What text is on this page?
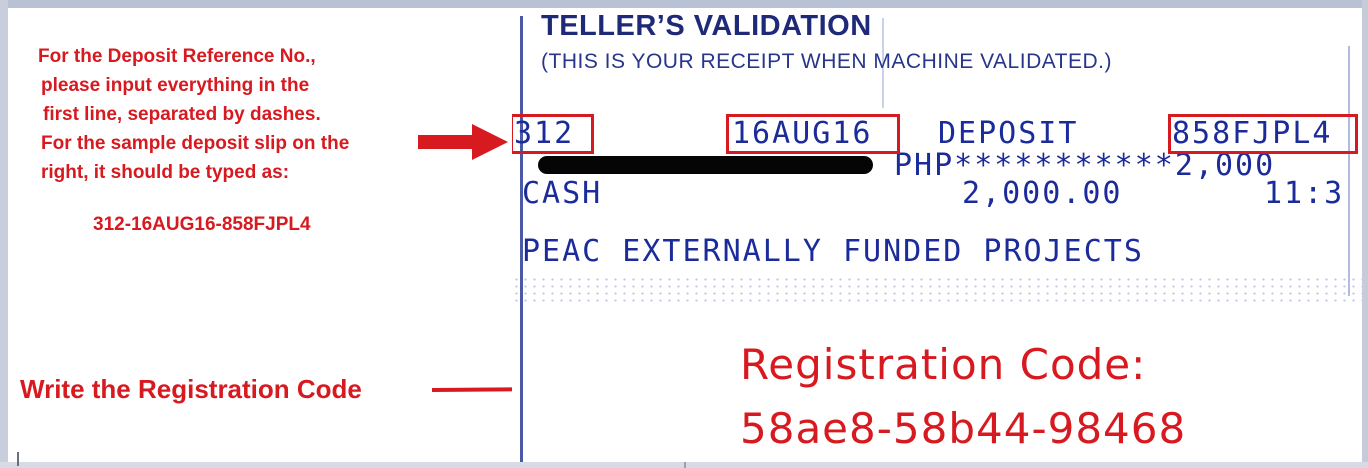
For the Deposit Reference No.,
please input everything in the
first line, separated by dashes.
For the sample deposit slip on the
right, it should be typed as:
312-16AUG16-858FJPL4
Write the Registration Code
TELLER’S VALIDATION
(THIS IS YOUR RECEIPT WHEN MACHINE VALIDATED.)
312	16AUG16 DEPOSIT	858FJPL4
PHP***********2,000
CASH	2,000.00	11:3
PEAC EXTERNALLY FUNDED PROJECTS
Registration Code:
58ae8-58b44-98468
